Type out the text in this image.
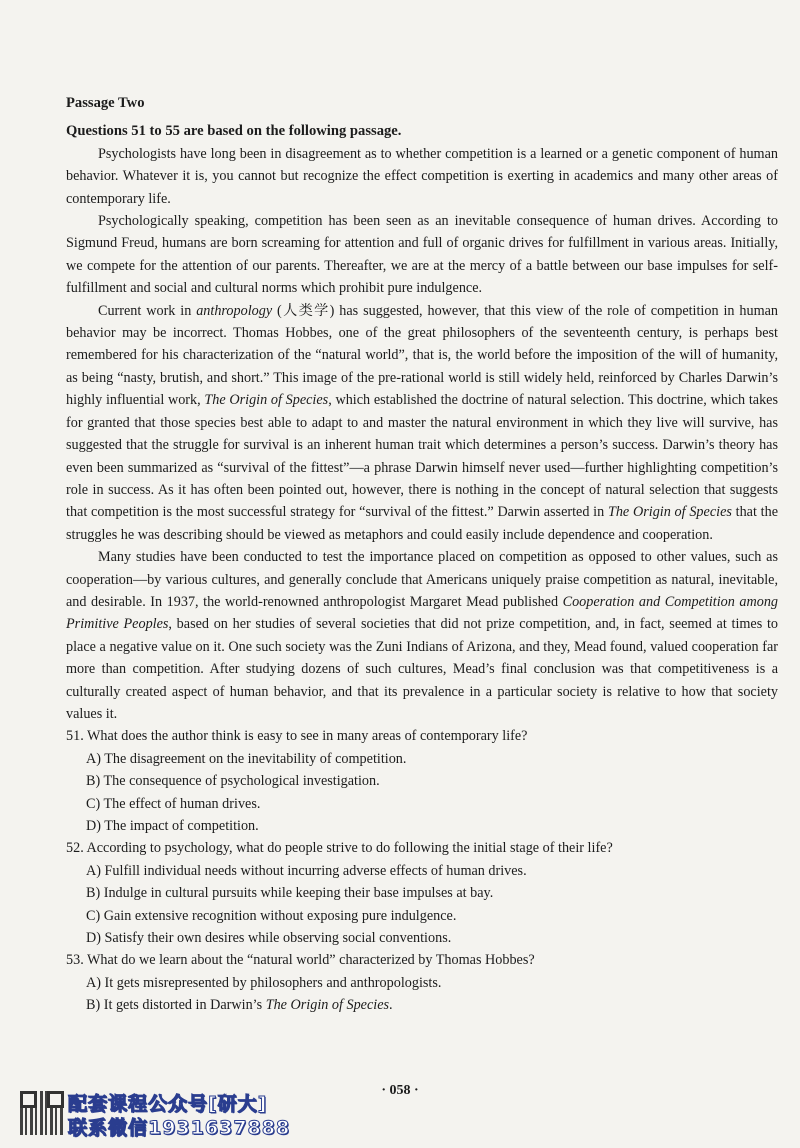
Passage Two
Questions 51 to 55 are based on the following passage.

Psychologists have long been in disagreement as to whether competition is a learned or a genetic component of human behavior. Whatever it is, you cannot but recognize the effect competition is exerting in academics and many other areas of contemporary life.

Psychologically speaking, competition has been seen as an inevitable consequence of human drives. According to Sigmund Freud, humans are born screaming for attention and full of organic drives for fulfillment in various areas. Initially, we compete for the attention of our parents. Thereafter, we are at the mercy of a battle between our base impulses for self-fulfillment and social and cultural norms which prohibit pure indulgence.

Current work in anthropology (人类学) has suggested, however, that this view of the role of competition in human behavior may be incorrect. Thomas Hobbes, one of the great philosophers of the seventeenth century, is perhaps best remembered for his characterization of the “natural world”, that is, the world before the imposition of the will of humanity, as being “nasty, brutish, and short.” This image of the pre-rational world is still widely held, reinforced by Charles Darwin’s highly influential work, The Origin of Species, which established the doctrine of natural selection. This doctrine, which takes for granted that those species best able to adapt to and master the natural environment in which they live will survive, has suggested that the struggle for survival is an inherent human trait which determines a person’s success. Darwin’s theory has even been summarized as “survival of the fittest”—a phrase Darwin himself never used—further highlighting competition’s role in success. As it has often been pointed out, however, there is nothing in the concept of natural selection that suggests that competition is the most successful strategy for “survival of the fittest.” Darwin asserted in The Origin of Species that the struggles he was describing should be viewed as metaphors and could easily include dependence and cooperation.

Many studies have been conducted to test the importance placed on competition as opposed to other values, such as cooperation—by various cultures, and generally conclude that Americans uniquely praise competition as natural, inevitable, and desirable. In 1937, the world-renowned anthropologist Margaret Mead published Cooperation and Competition among Primitive Peoples, based on her studies of several societies that did not prize competition, and, in fact, seemed at times to place a negative value on it. One such society was the Zuni Indians of Arizona, and they, Mead found, valued cooperation far more than competition. After studying dozens of such cultures, Mead’s final conclusion was that competitiveness is a culturally created aspect of human behavior, and that its prevalence in a particular society is relative to how that society values it.

51. What does the author think is easy to see in many areas of contemporary life?

A) The disagreement on the inevitability of competition.

B) The consequence of psychological investigation.

C) The effect of human drives.

D) The impact of competition.

52. According to psychology, what do people strive to do following the initial stage of their life?

A) Fulfill individual needs without incurring adverse effects of human drives.

B) Indulge in cultural pursuits while keeping their base impulses at bay.

C) Gain extensive recognition without exposing pure indulgence.

D) Satisfy their own desires while observing social conventions.

53. What do we learn about the “natural world” characterized by Thomas Hobbes?

A) It gets misrepresented by philosophers and anthropologists.

B) It gets distorted in Darwin’s The Origin of Species.

· 058 ·
配套课程公众号[研大]
联系微信1931637888
